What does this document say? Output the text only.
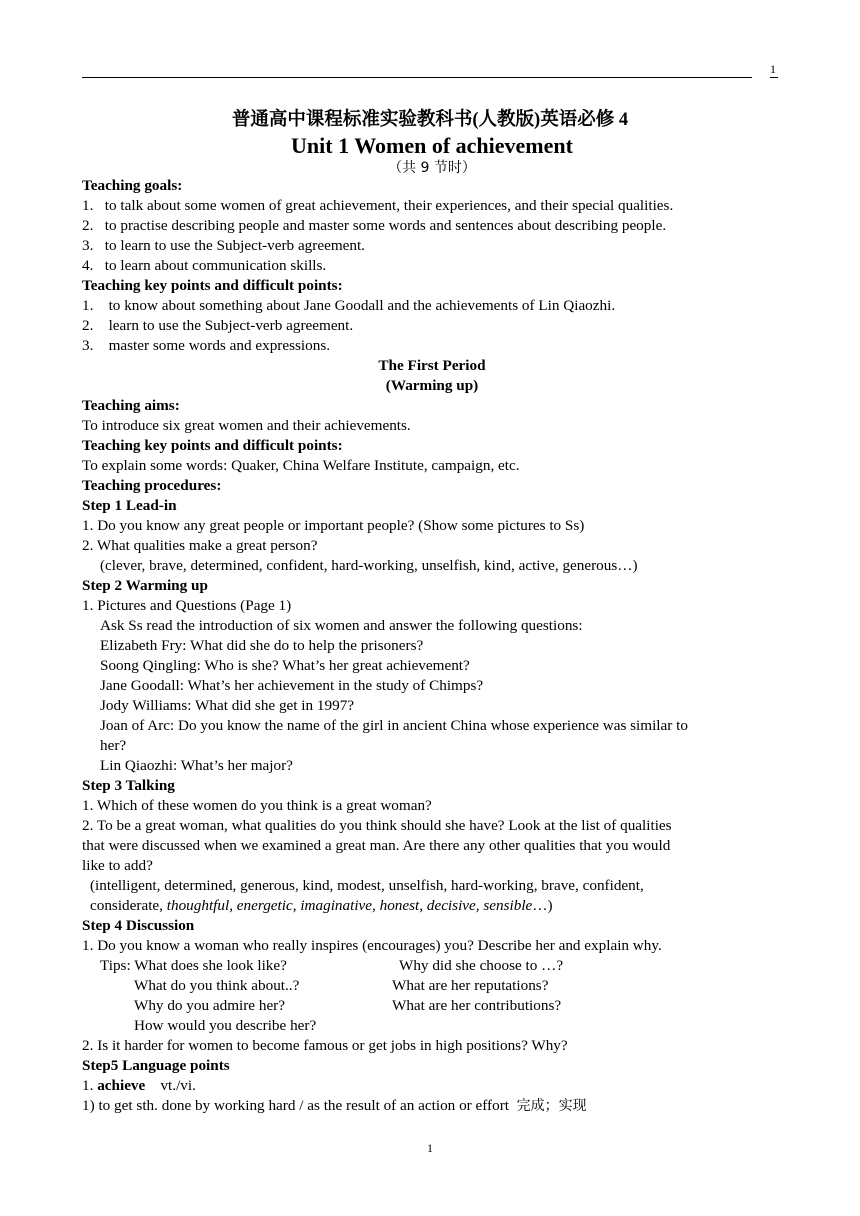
1
普通高中课程标准实验教科书(人教版)英语必修 4
Unit 1 Women of achievement
（共 9 节时）
Teaching goals:
1.   to talk about some women of great achievement, their experiences, and their special qualities.
2.   to practise describing people and master some words and sentences about describing people.
3.   to learn to use the Subject-verb agreement.
4.   to learn about communication skills.
Teaching key points and difficult points:
1.    to know about something about Jane Goodall and the achievements of Lin Qiaozhi.
2.    learn to use the Subject-verb agreement.
3.    master some words and expressions.
The First Period
(Warming up)
Teaching aims:
To introduce six great women and their achievements.
Teaching key points and difficult points:
To explain some words: Quaker, China Welfare Institute, campaign, etc.
Teaching procedures:
Step 1 Lead-in
1. Do you know any great people or important people? (Show some pictures to Ss)
2. What qualities make a great person?
(clever, brave, determined, confident, hard-working, unselfish, kind, active, generous…)
Step 2 Warming up
1. Pictures and Questions (Page 1)
Ask Ss read the introduction of six women and answer the following questions:
Elizabeth Fry: What did she do to help the prisoners?
Soong Qingling: Who is she? What’s her great achievement?
Jane Goodall: What’s her achievement in the study of Chimps?
Jody Williams: What did she get in 1997?
Joan of Arc: Do you know the name of the girl in ancient China whose experience was similar to
her?
Lin Qiaozhi: What’s her major?
Step 3 Talking
1. Which of these women do you think is a great woman?
2. To be a great woman, what qualities do you think should she have? Look at the list of qualities
that were discussed when we examined a great man. Are there any other qualities that you would
like to add?
(intelligent, determined, generous, kind, modest, unselfish, hard-working, brave, confident,
considerate, thoughtful, energetic, imaginative, honest, decisive, sensible…)
Step 4 Discussion
1. Do you know a woman who really inspires (encourages) you? Describe her and explain why.
Tips: What does she look like?	Why did she choose to …?
What do you think about..?	What are her reputations?
Why do you admire her?	What are her contributions?
How would you describe her?
2. Is it harder for women to become famous or get jobs in high positions? Why?
Step5 Language points
1. achieve    vt./vi.
1) to get sth. done by working hard / as the result of an action or effort  完成；实现
1
